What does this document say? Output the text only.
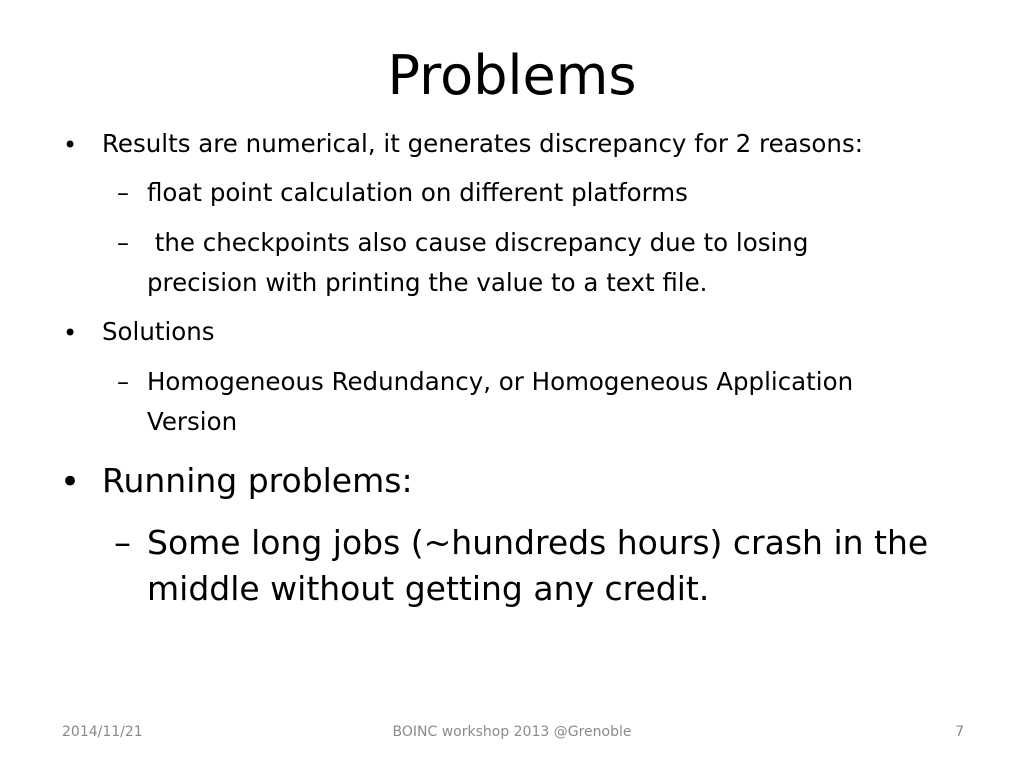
Problems
• Results are numerical, it generates discrepancy for 2 reasons:
– float point calculation on different platforms
– the checkpoints also cause discrepancy due to losing
precision with printing the value to a text file.
• Solutions
– Homogeneous Redundancy, or Homogeneous Application
Version
• Running problems:
– Some long jobs (~hundreds hours) crash in the
middle without getting any credit.
2014/11/21	BOINC workshop 2013 @Grenoble	7
